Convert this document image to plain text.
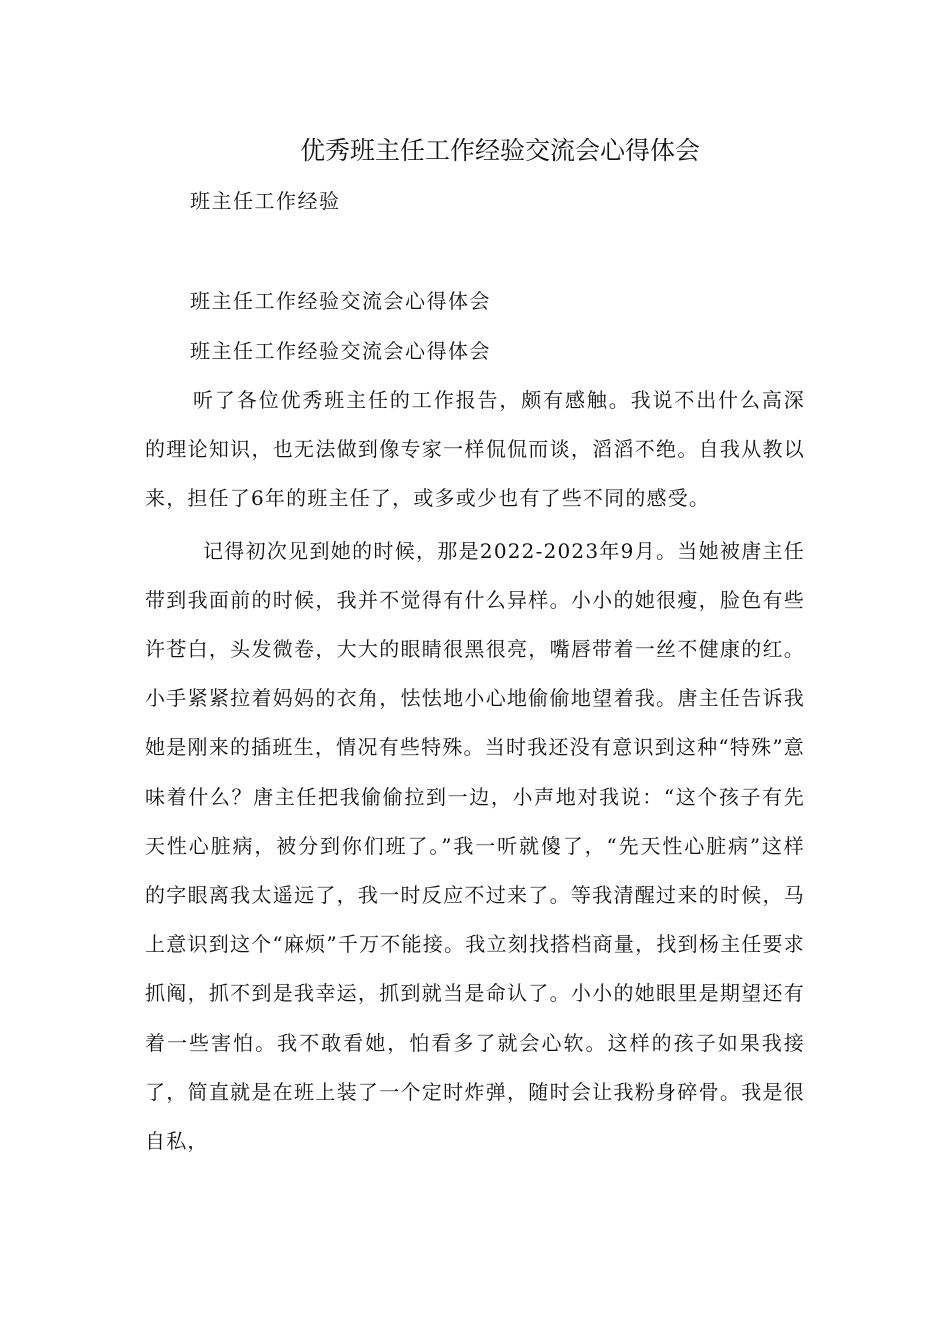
优秀班主任工作经验交流会心得体会

班主任工作经验

班主任工作经验交流会心得体会

班主任工作经验交流会心得体会

听了各位优秀班主任的工作报告，颇有感触。我说不出什么高深的理论知识，也无法做到像专家一样侃侃而谈，滔滔不绝。自我从教以来，担任了6年的班主任了，或多或少也有了些不同的感受。

记得初次见到她的时候，那是2022-2023年9月。当她被唐主任带到我面前的时候，我并不觉得有什么异样。小小的她很瘦，脸色有些许苍白，头发微卷，大大的眼睛很黑很亮，嘴唇带着一丝不健康的红。小手紧紧拉着妈妈的衣角，怯怯地小心地偷偷地望着我。唐主任告诉我她是刚来的插班生，情况有些特殊。当时我还没有意识到这种“特殊”意味着什么？唐主任把我偷偷拉到一边，小声地对我说：“这个孩子有先天性心脏病，被分到你们班了。”我一听就傻了，“先天性心脏病”这样的字眼离我太遥远了，我一时反应不过来了。等我清醒过来的时候，马上意识到这个“麻烦”千万不能接。我立刻找搭档商量，找到杨主任要求抓阄，抓不到是我幸运，抓到就当是命认了。小小的她眼里是期望还有着一些害怕。我不敢看她，怕看多了就会心软。这样的孩子如果我接了，简直就是在班上装了一个定时炸弹，随时会让我粉身碎骨。我是很自私，
